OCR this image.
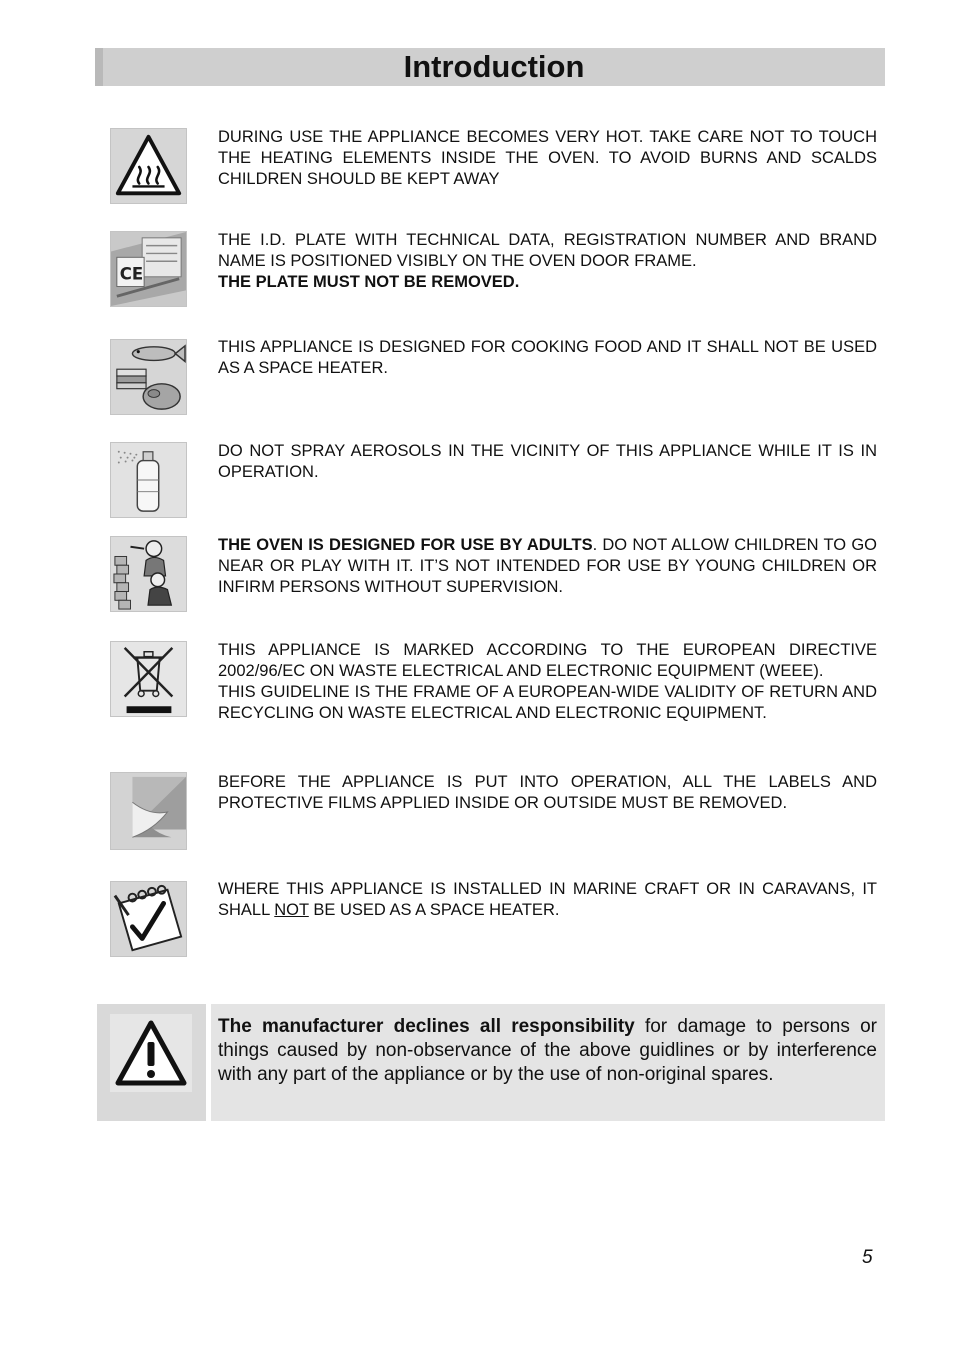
Introduction

DURING USE THE APPLIANCE BECOMES VERY HOT. TAKE CARE NOT TO TOUCH THE HEATING ELEMENTS INSIDE THE OVEN. TO AVOID BURNS AND SCALDS CHILDREN SHOULD BE KEPT AWAY

CE

THE I.D. PLATE WITH TECHNICAL DATA, REGISTRATION NUMBER AND BRAND NAME IS POSITIONED VISIBLY ON THE OVEN DOOR FRAME.
THE PLATE MUST NOT BE REMOVED.

THIS APPLIANCE IS DESIGNED FOR COOKING FOOD AND IT SHALL NOT BE USED AS A SPACE HEATER.

DO NOT SPRAY AEROSOLS IN THE VICINITY OF THIS APPLIANCE WHILE IT IS IN OPERATION.

THE OVEN IS DESIGNED FOR USE BY ADULTS. DO NOT ALLOW CHILDREN TO GO NEAR OR PLAY WITH IT. IT’S NOT INTENDED FOR USE BY YOUNG CHILDREN OR INFIRM PERSONS WITHOUT SUPERVISION.

THIS APPLIANCE IS MARKED ACCORDING TO THE EUROPEAN DIRECTIVE 2002/96/EC ON WASTE ELECTRICAL AND ELECTRONIC EQUIPMENT (WEEE).
THIS GUIDELINE IS THE FRAME OF A EUROPEAN-WIDE VALIDITY OF RETURN AND RECYCLING ON WASTE ELECTRICAL AND ELECTRONIC EQUIPMENT.

BEFORE THE APPLIANCE IS PUT INTO OPERATION, ALL THE LABELS AND PROTECTIVE FILMS APPLIED INSIDE OR OUTSIDE MUST BE REMOVED.

WHERE THIS APPLIANCE IS INSTALLED IN MARINE CRAFT OR IN CARAVANS, IT SHALL NOT BE USED AS A SPACE HEATER.

The manufacturer declines all responsibility for damage to persons or things caused by non-observance of the above guidlines or by interference with any part of the appliance or by the use of non-original spares.

5
